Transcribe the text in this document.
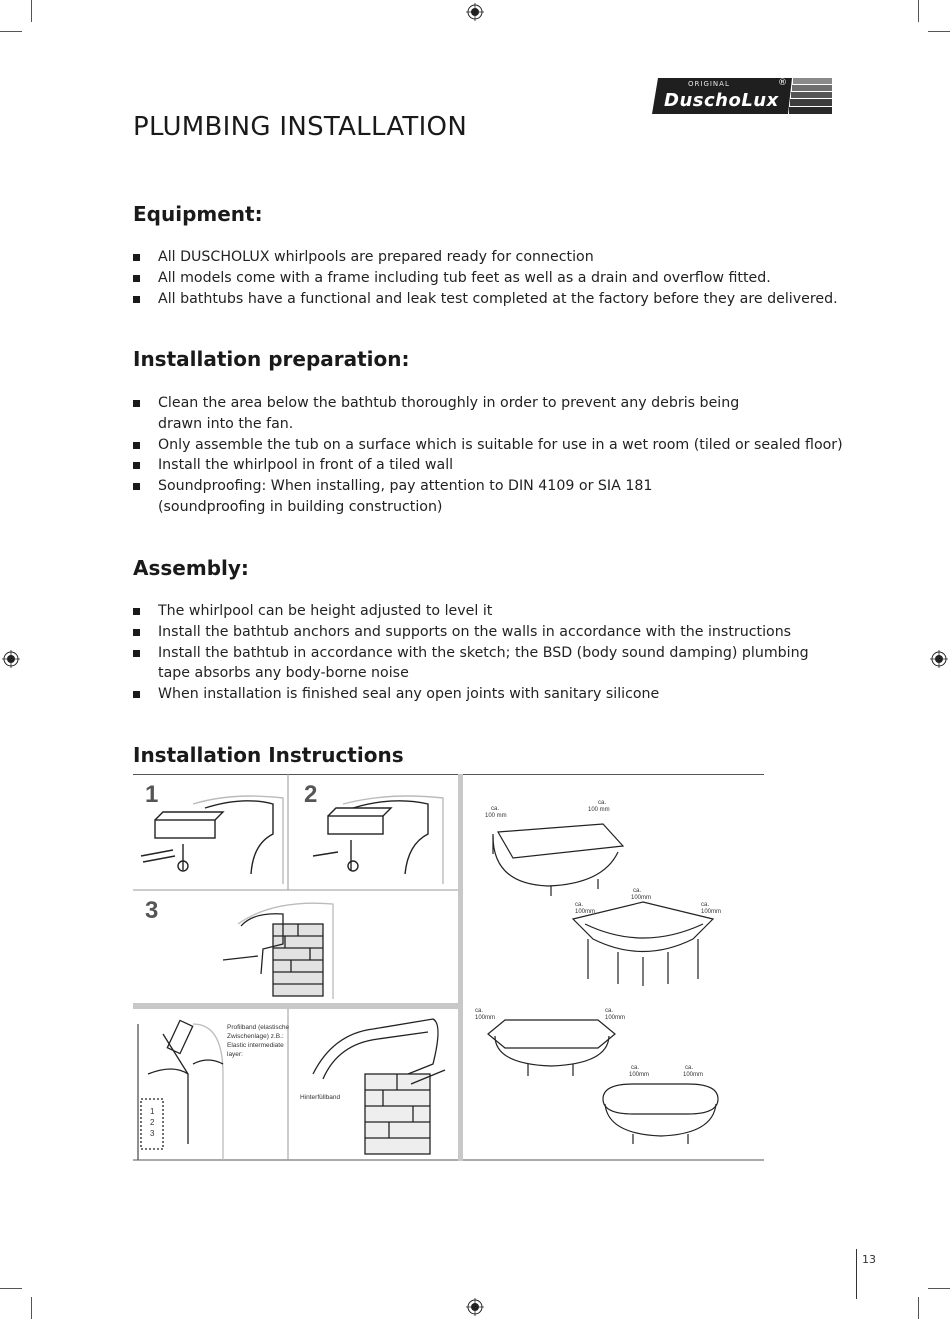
ORIGINAL
DuschoLux
®
PLUMBING INSTALLATION
Equipment:
All DUSCHOLUX whirlpools are prepared ready for connection
All models come with a frame including tub feet as well as a drain and overflow fitted.
All bathtubs have a functional and leak test completed at the factory before they are delivered.
Installation preparation:
Clean the area below the bathtub thoroughly in order to prevent any debris being drawn into the fan.
Only assemble the tub on a surface which is suitable for use in a wet room (tiled or sealed floor)
Install the whirlpool in front of a tiled wall
Soundproofing: When installing, pay attention to DIN 4109 or SIA 181 (soundproofing in building construction)
Assembly:
The whirlpool can be height adjusted to level it
Install the bathtub anchors and supports on the walls in accordance with the instructions
Install the bathtub in accordance with the sketch; the BSD (body sound damping) plumbing tape absorbs any body-borne noise
When installation is finished seal any open joints with sanitary silicone
Installation Instructions
1	2
3
Profilband (elastische
Zwischenlage) z.B.:
Elastic intermediate
layer:
1
2
3
Hinterfüllband
ca.
100 mm
ca.
100 mm
ca.
100mm
ca.
100mm
ca.
100mm
ca.
100mm
ca.
100mm
ca.
100mm
ca.
100mm
13
